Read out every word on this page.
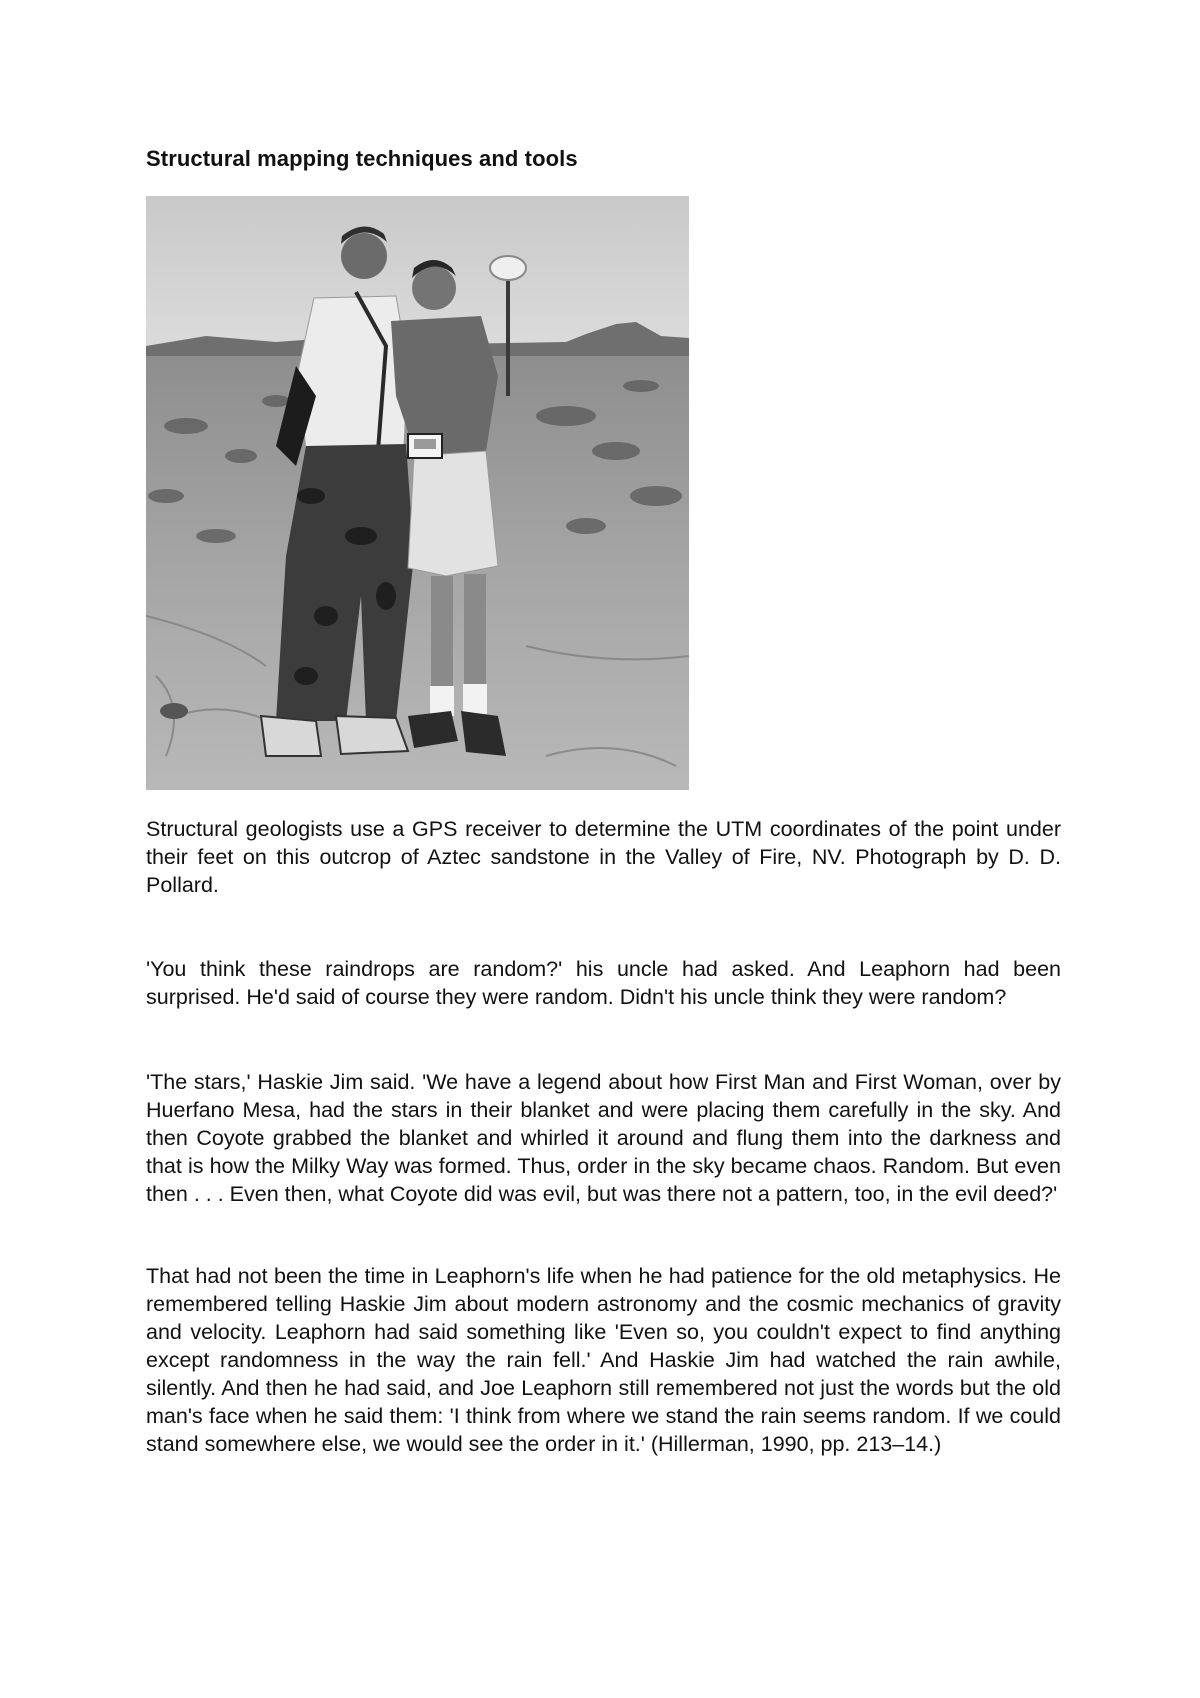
Structural mapping techniques and tools

Structural geologists use a GPS receiver to determine the UTM coordinates of the point under their feet on this outcrop of Aztec sandstone in the Valley of Fire, NV. Photograph by D. D. Pollard.

'You think these raindrops are random?' his uncle had asked. And Leaphorn had been surprised. He'd said of course they were random. Didn't his uncle think they were random?

'The stars,' Haskie Jim said. 'We have a legend about how First Man and First Woman, over by Huerfano Mesa, had the stars in their blanket and were placing them carefully in the sky. And then Coyote grabbed the blanket and whirled it around and flung them into the darkness and that is how the Milky Way was formed. Thus, order in the sky became chaos. Random. But even then . . . Even then, what Coyote did was evil, but was there not a pattern, too, in the evil deed?'

That had not been the time in Leaphorn's life when he had patience for the old metaphysics. He remembered telling Haskie Jim about modern astronomy and the cosmic mechanics of gravity and velocity. Leaphorn had said something like 'Even so, you couldn't expect to find anything except randomness in the way the rain fell.' And Haskie Jim had watched the rain awhile, silently. And then he had said, and Joe Leaphorn still remembered not just the words but the old man's face when he said them: 'I think from where we stand the rain seems random. If we could stand somewhere else, we would see the order in it.' (Hillerman, 1990, pp. 213–14.)
